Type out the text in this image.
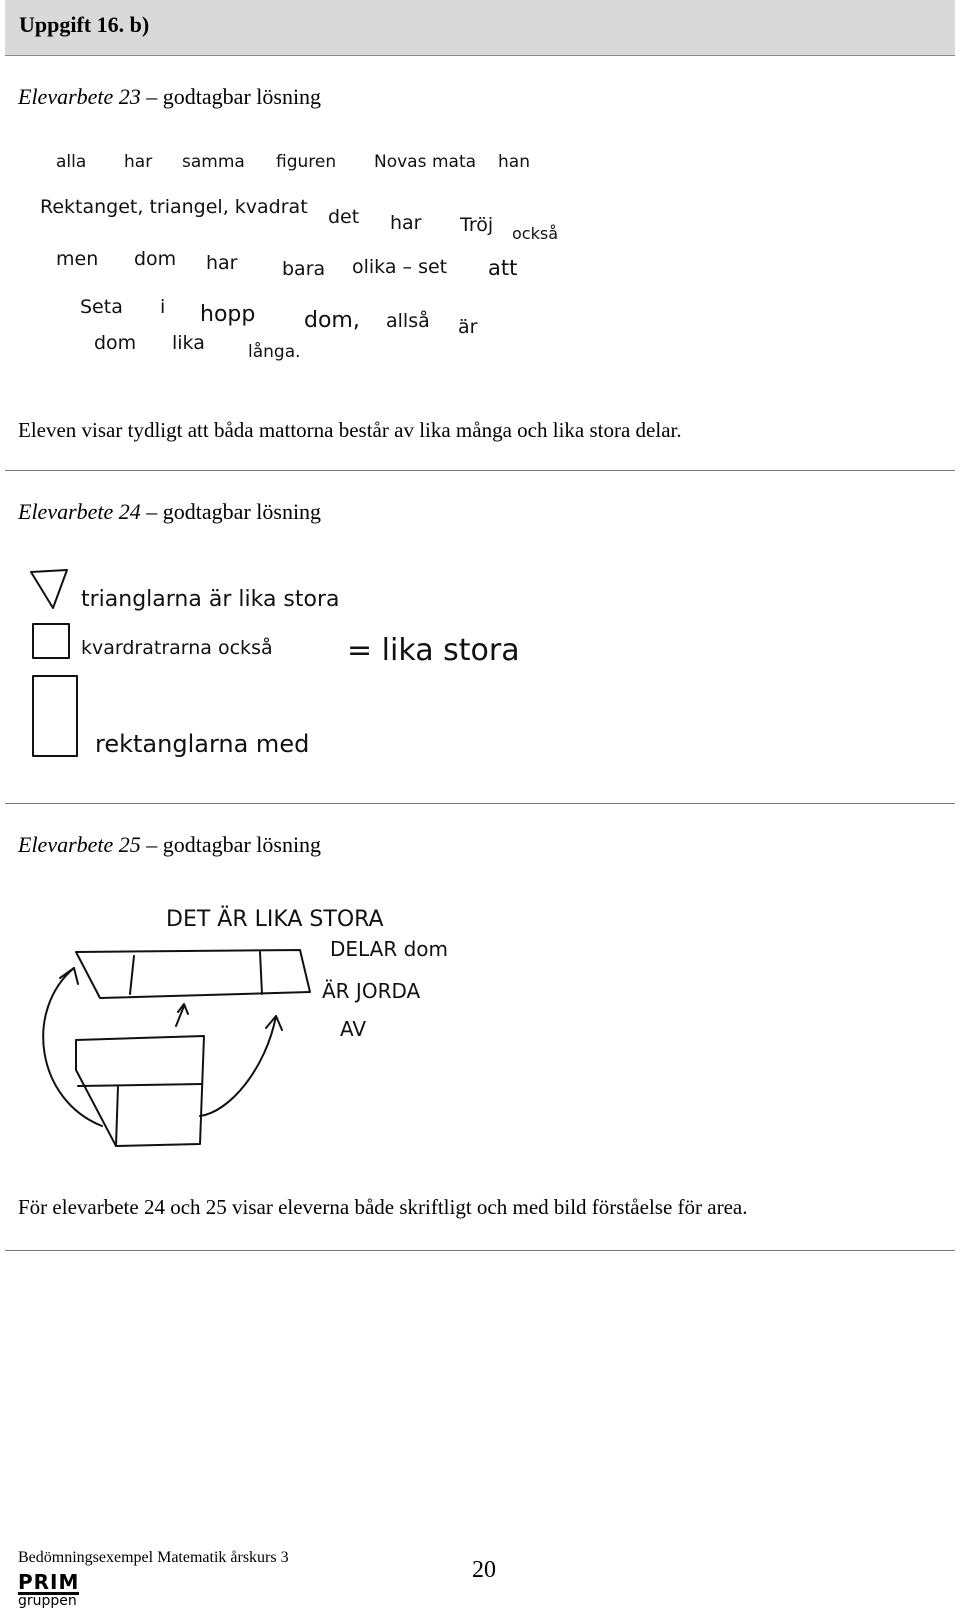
Uppgift 16. b)
Elevarbete 23 – godtagbar lösning
alla har samma figuren Novas mata han
Rektanget, triangel, kvadrat det har Tröj också
men dom har bara olika – set att
Seta i hopp dom, allså är
dom lika	långa.
Eleven visar tydligt att båda mattorna består av lika många och lika stora delar.
Elevarbete 24 – godtagbar lösning
trianglarna är lika stora
kvardratrarna också = lika stora
rektanglarna med
Elevarbete 25 – godtagbar lösning
DET ÄR LIKA STORA
DELAR dom
ÄR JORDA
AV
För elevarbete 24 och 25 visar eleverna både skriftligt och med bild förståelse för area.
Bedömningsexempel Matematik årskurs 3	20
PRIM
gruppen
